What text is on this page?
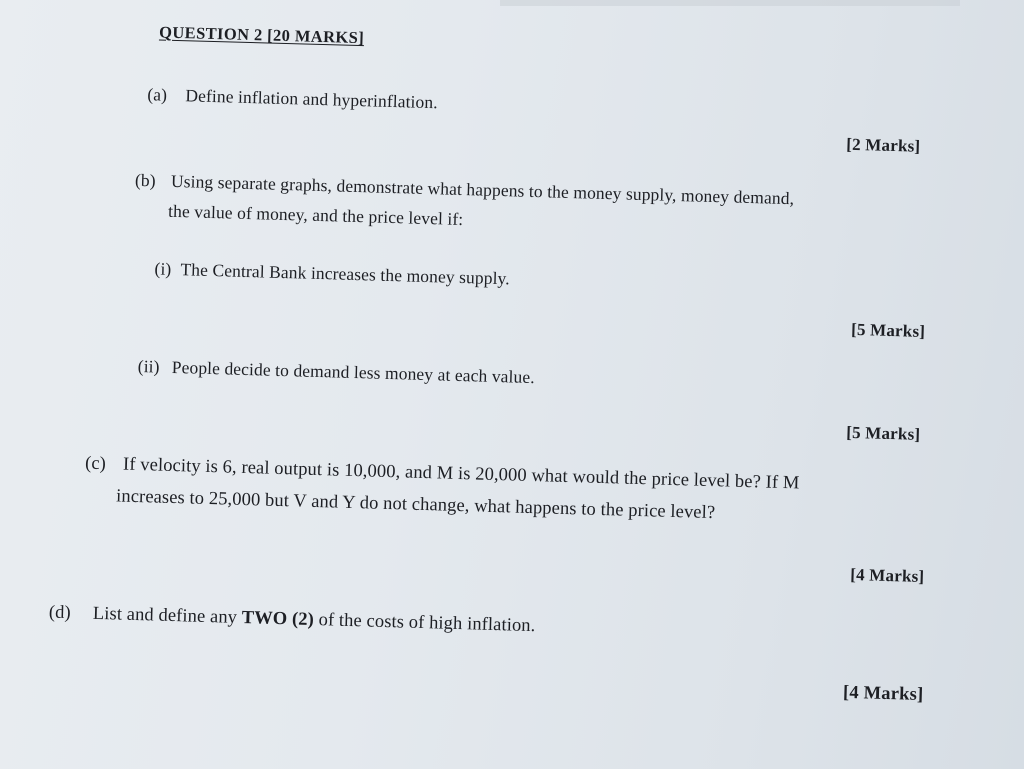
QUESTION 2 [20 MARKS]
(a) Define inflation and hyperinflation.
[2 Marks]
(b) Using separate graphs, demonstrate what happens to the money supply, money demand,
the value of money, and the price level if:
(i) The Central Bank increases the money supply.
[5 Marks]
(ii) People decide to demand less money at each value.
[5 Marks]
(c) If velocity is 6, real output is 10,000, and M is 20,000 what would the price level be? If M
increases to 25,000 but V and Y do not change, what happens to the price level?
[4 Marks]
(d) List and define any TWO (2) of the costs of high inflation.
[4 Marks]
